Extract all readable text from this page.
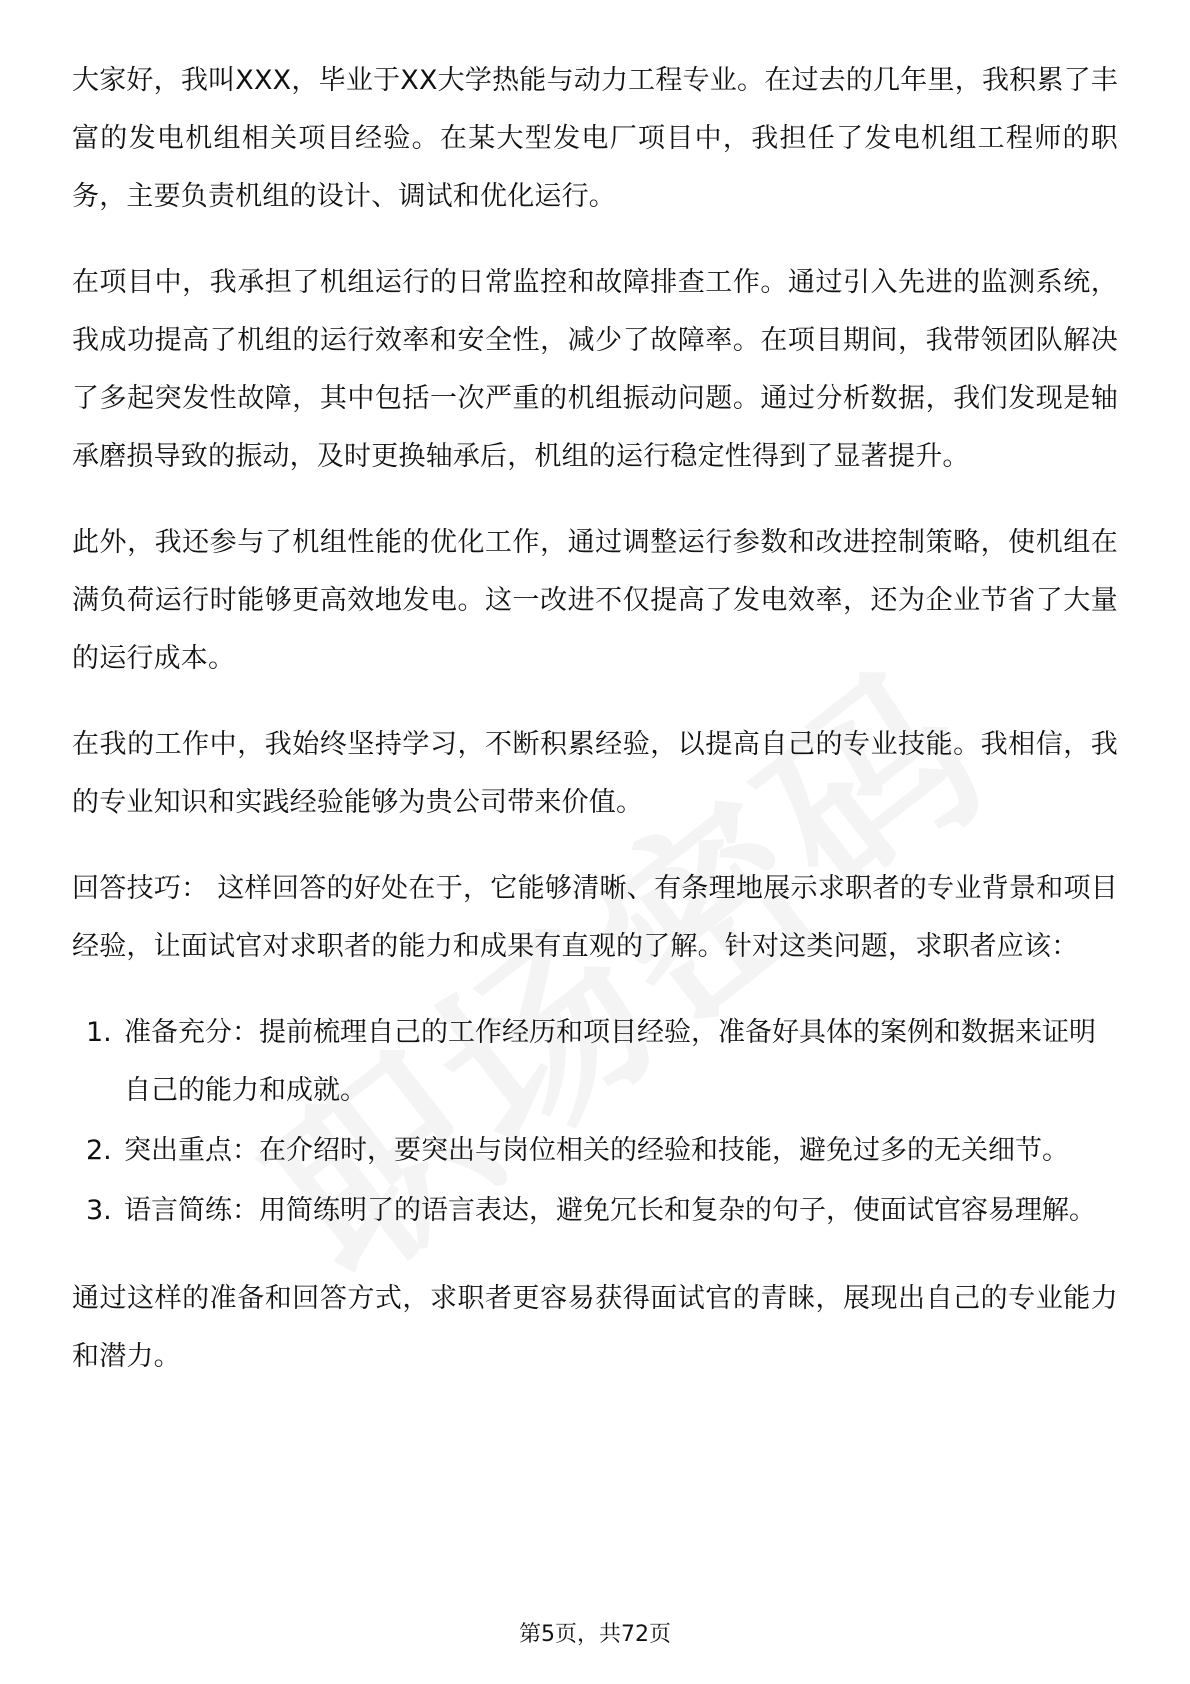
大家好，我叫XXX，毕业于XX大学热能与动力工程专业。在过去的几年里，我积累了丰富的发电机组相关项目经验。在某大型发电厂项目中，我担任了发电机组工程师的职务，主要负责机组的设计、调试和优化运行。

在项目中，我承担了机组运行的日常监控和故障排查工作。通过引入先进的监测系统，我成功提高了机组的运行效率和安全性，减少了故障率。在项目期间，我带领团队解决了多起突发性故障，其中包括一次严重的机组振动问题。通过分析数据，我们发现是轴承磨损导致的振动，及时更换轴承后，机组的运行稳定性得到了显著提升。

此外，我还参与了机组性能的优化工作，通过调整运行参数和改进控制策略，使机组在满负荷运行时能够更高效地发电。这一改进不仅提高了发电效率，还为企业节省了大量的运行成本。

在我的工作中，我始终坚持学习，不断积累经验，以提高自己的专业技能。我相信，我的专业知识和实践经验能够为贵公司带来价值。

回答技巧： 这样回答的好处在于，它能够清晰、有条理地展示求职者的专业背景和项目经验，让面试官对求职者的能力和成果有直观的了解。针对这类问题，求职者应该：

1. 准备充分：提前梳理自己的工作经历和项目经验，准备好具体的案例和数据来证明自己的能力和成就。
2. 突出重点：在介绍时，要突出与岗位相关的经验和技能，避免过多的无关细节。
3. 语言简练：用简练明了的语言表达，避免冗长和复杂的句子，使面试官容易理解。

通过这样的准备和回答方式，求职者更容易获得面试官的青睐，展现出自己的专业能力和潜力。

第5页，共72页
